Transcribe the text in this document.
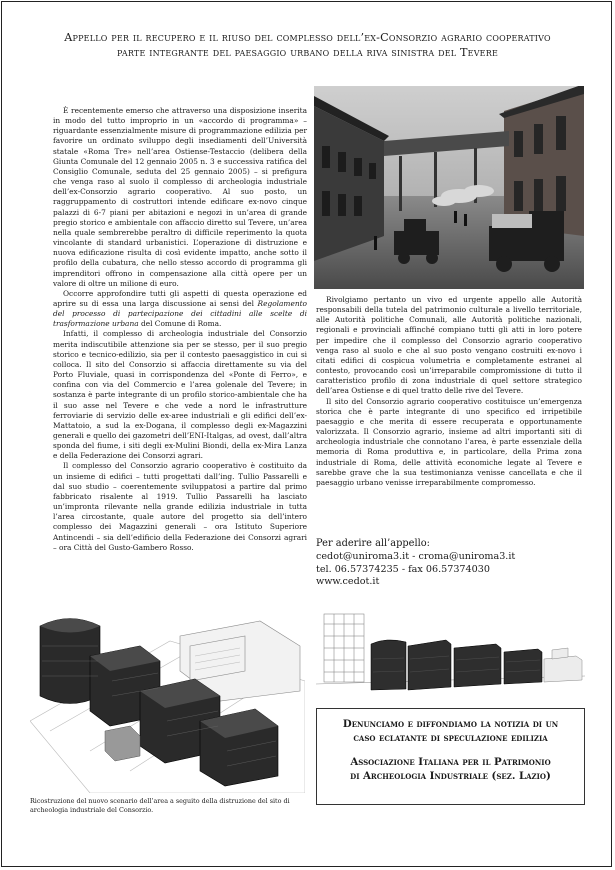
Appello per il recupero e il riuso del complesso dell’ex-Consorzio agrario cooperativo
parte integrante del paesaggio urbano della riva sinistra del Tevere

È recentemente emerso che attraverso una disposizione inserita in modo del tutto improprio in un «accordo di programma» – riguardante essenzialmente misure di programmazione edilizia per favorire un ordinato sviluppo degli insediamenti dell’Università statale «Roma Tre» nell’area Ostiense-Testaccio (delibera della Giunta Comunale del 12 gennaio 2005 n. 3 e successiva ratifica del Consiglio Comunale, seduta del 25 gennaio 2005) – si prefigura che venga raso al suolo il complesso di archeologia industriale dell’ex-Consorzio agrario cooperativo. Al suo posto, un raggruppamento di costruttori intende edificare ex-novo cinque palazzi di 6-7 piani per abitazioni e negozi in un’area di grande pregio storico e ambientale con affaccio diretto sul Tevere, un’area nella quale sembrerebbe peraltro di difficile reperimento la quota vincolante di standard urbanistici. L’operazione di distruzione e nuova edificazione risulta di così evidente impatto, anche sotto il profilo della cubatura, che nello stesso accordo di programma gli imprenditori offrono in compensazione alla città opere per un valore di oltre un milione di euro.

Occorre approfondire tutti gli aspetti di questa operazione ed aprire su di essa una larga discussione ai sensi del Regolamento del processo di partecipazione dei cittadini alle scelte di trasformazione urbana del Comune di Roma.

Infatti, il complesso di archeologia industriale del Consorzio merita indiscutibile attenzione sia per se stesso, per il suo pregio storico e tecnico-edilizio, sia per il contesto paesaggistico in cui si colloca. Il sito del Consorzio si affaccia direttamente su via del Porto Fluviale, quasi in corrispondenza del «Ponte di Ferro», e confina con via del Commercio e l’area golenale del Tevere; in sostanza è parte integrante di un profilo storico-ambientale che ha il suo asse nel Tevere e che vede a nord le infrastrutture ferroviarie di servizio delle ex-aree industriali e gli edifici dell’ex-Mattatoio, a sud la ex-Dogana, il complesso degli ex-Magazzini generali e quello dei gazometri dell’ENI-Italgas, ad ovest, dall’altra sponda del fiume, i siti degli ex-Mulini Biondi, della ex-Mira Lanza e della Federazione dei Consorzi agrari.

Il complesso del Consorzio agrario cooperativo è costituito da un insieme di edifici – tutti progettati dall’ing. Tullio Passarelli e dal suo studio – coerentemente sviluppatosi a partire dal primo fabbricato risalente al 1919. Tullio Passarelli ha lasciato un’impronta rilevante nella grande edilizia industriale in tutta l’area circostante, quale autore del progetto sia dell’intero complesso dei Magazzini generali – ora Istituto Superiore Antincendi – sia dell’edificio della Federazione dei Consorzi agrari – ora Città del Gusto-Gambero Rosso.

Rivolgiamo pertanto un vivo ed urgente appello alle Autorità responsabili della tutela del patrimonio culturale a livello territoriale, alle Autorità politiche Comunali, alle Autorità politiche nazionali, regionali e provinciali affinché compiano tutti gli atti in loro potere per impedire che il complesso del Consorzio agrario cooperativo venga raso al suolo e che al suo posto vengano costruiti ex-novo i citati edifici di cospicua volumetria e completamente estranei al contesto, provocando così un’irreparabile compromissione di tutto il caratteristico profilo di zona industriale di quel settore strategico dell’area Ostiense e di quel tratto delle rive del Tevere.

Il sito del Consorzio agrario cooperativo costituisce un’emergenza storica che è parte integrante di uno specifico ed irripetibile paesaggio e che merita di essere recuperata e opportunamente valorizzata. Il Consorzio agrario, insieme ad altri importanti siti di archeologia industriale che connotano l’area, è parte essenziale della memoria di Roma produttiva e, in particolare, della Prima zona industriale di Roma, delle attività economiche legate al Tevere e sarebbe grave che la sua testimonianza venisse cancellata e che il paesaggio urbano venisse irreparabilmente compromesso.

Per aderire all’appello:
cedot@uniroma3.it - croma@uniroma3.it
tel. 06.57374235 - fax 06.57374030
www.cedot.it
Ricostruzione del nuovo scenario dell’area a seguito della distruzione del sito di archeologia industriale del Consorzio.
Denunciamo e diffondiamo la notizia di un
caso eclatante di speculazione edilizia
Associazione Italiana per il Patrimonio
di Archeologia Industriale (sez. Lazio)
